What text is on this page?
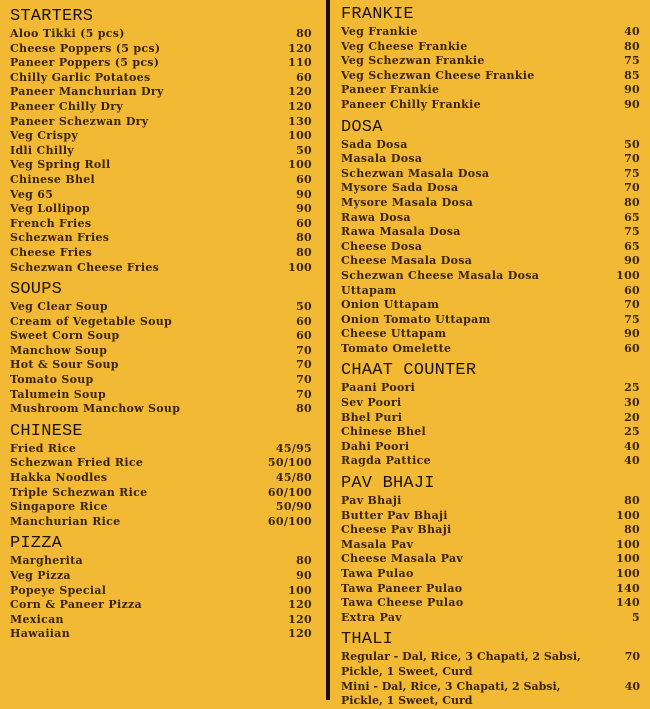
STARTERS
Aloo Tikki (5 pcs)	80
Cheese Poppers (5 pcs)	120
Paneer Poppers (5 pcs)	110
Chilly Garlic Potatoes	60
Paneer Manchurian Dry	120
Paneer Chilly Dry	120
Paneer Schezwan Dry	130
Veg Crispy	100
Idli Chilly	50
Veg Spring Roll	100
Chinese Bhel	60
Veg 65	90
Veg Lollipop	90
French Fries	60
Schezwan Fries	80
Cheese Fries	80
Schezwan Cheese Fries	100
SOUPS
Veg Clear Soup	50
Cream of Vegetable Soup	60
Sweet Corn Soup	60
Manchow Soup	70
Hot & Sour Soup	70
Tomato Soup	70
Talumein Soup	70
Mushroom Manchow Soup	80
CHINESE
Fried Rice	45/95
Schezwan Fried Rice	50/100
Hakka Noodles	45/80
Triple Schezwan Rice	60/100
Singapore Rice	50/90
Manchurian Rice	60/100
PIZZA
Margherita	80
Veg Pizza	90
Popeye Special	100
Corn & Paneer Pizza	120
Mexican	120
Hawaiian	120
FRANKIE
Veg Frankie	40
Veg Cheese Frankie	80
Veg Schezwan Frankie	75
Veg Schezwan Cheese Frankie	85
Paneer Frankie	90
Paneer Chilly Frankie	90
DOSA
Sada Dosa	50
Masala Dosa	70
Schezwan Masala Dosa	75
Mysore Sada Dosa	70
Mysore Masala Dosa	80
Rawa Dosa	65
Rawa Masala Dosa	75
Cheese Dosa	65
Cheese Masala Dosa	90
Schezwan Cheese Masala Dosa	100
Uttapam	60
Onion Uttapam	70
Onion Tomato Uttapam	75
Cheese Uttapam	90
Tomato Omelette	60
CHAAT COUNTER
Paani Poori	25
Sev Poori	30
Bhel Puri	20
Chinese Bhel	25
Dahi Poori	40
Ragda Pattice	40
PAV BHAJI
Pav Bhaji	80
Butter Pav Bhaji	100
Cheese Pav Bhaji	80
Masala Pav	100
Cheese Masala Pav	100
Tawa Pulao	100
Tawa Paneer Pulao	140
Tawa Cheese Pulao	140
Extra Pav	5
THALI
Regular - Dal, Rice, 3 Chapati, 2 Sabsi, Pickle, 1 Sweet, Curd
70
Mini - Dal, Rice, 3 Chapati, 2 Sabsi, Pickle, 1 Sweet, Curd
40
